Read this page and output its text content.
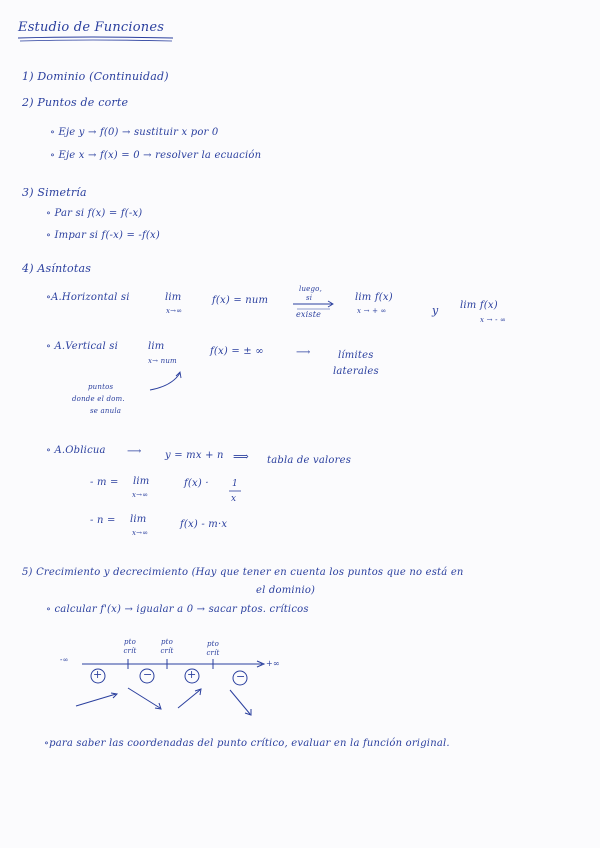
Estudio de Funciones
1) Dominio (Continuidad)
2) Puntos de corte
∘ Eje y → f(0) → sustituir x por 0
∘ Eje x → f(x) = 0 → resolver la ecuación
3) Simetría
∘ Par si f(x) = f(-x)
∘ Impar si f(-x) = -f(x)
4) Asíntotas
∘A.Horizontal si	lim
x→∞
f(x) = num
luego,
si
existe
lim f(x)
x → + ∞	y lim f(x)
x → - ∞
∘ A.Vertical si	lim
x→ num
f(x) = ± ∞	⟶	límites
laterales
puntos
donde el dom.
se anula
∘ A.Oblicua ⟶ y = mx + n ⟹ tabla de valores
- m = lim
x→∞
f(x) ·	1
x
- n = lim
x→∞
f(x) - m·x
5) Crecimiento y decrecimiento (Hay que tener en cuenta los puntos que no está en
el dominio)
∘ calcular f'(x) → igualar a 0 → sacar ptos. críticos
-∞	+∞
pto crít
pto crít
pto crít
+	−	+	−
∘para saber las coordenadas del punto crítico, evaluar en la función original.
